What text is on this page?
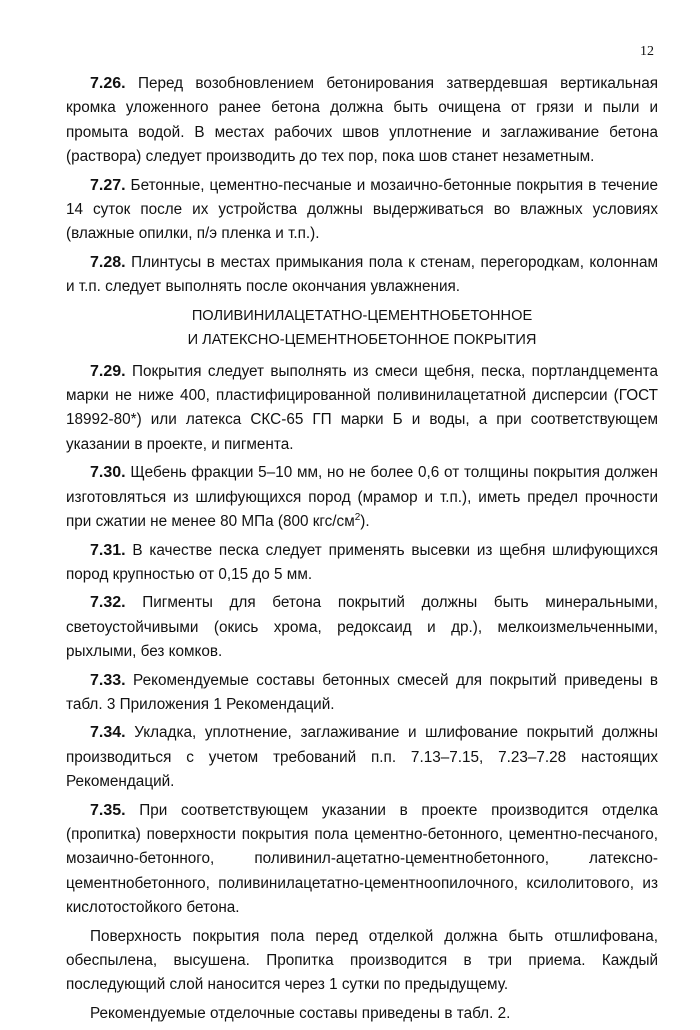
12

7.26. Перед возобновлением бетонирования затвердевшая вертикальная кромка уложенного ранее бетона должна быть очищена от грязи и пыли и промыта водой. В местах рабочих швов уплотнение и заглаживание бетона (раствора) следует производить до тех пор, пока шов станет незаметным.

7.27. Бетонные, цементно-песчаные и мозаично-бетонные покрытия в течение 14 суток после их устройства должны выдерживаться во влажных условиях (влажные опилки, п/э пленка и т.п.).

7.28. Плинтусы в местах примыкания пола к стенам, перегородкам, колоннам и т.п. следует выполнять после окончания увлажнения.

ПОЛИВИНИЛАЦЕТАТНО-ЦЕМЕНТНОБЕТОННОЕ
И ЛАТЕКСНО-ЦЕМЕНТНОБЕТОННОЕ ПОКРЫТИЯ

7.29. Покрытия следует выполнять из смеси щебня, песка, портландцемента марки не ниже 400, пластифицированной поливинилацетатной дисперсии (ГОСТ 18992-80*) или латекса СКС-65 ГП марки Б и воды, а при соответствующем указании в проекте, и пигмента.

7.30. Щебень фракции 5–10 мм, но не более 0,6 от толщины покрытия должен изготовляться из шлифующихся пород (мрамор и т.п.), иметь предел прочности при сжатии не менее 80 МПа (800 кгс/$см^2$).

7.31. В качестве песка следует применять высевки из щебня шлифующихся пород крупностью от 0,15 до 5 мм.

7.32. Пигменты для бетона покрытий должны быть минеральными, светоустойчивыми (окись хрома, редоксаид и др.), мелкоизмельченными, рыхлыми, без комков.

7.33. Рекомендуемые составы бетонных смесей для покрытий приведены в табл. 3 Приложения 1 Рекомендаций.

7.34. Укладка, уплотнение, заглаживание и шлифование покрытий должны производиться с учетом требований п.п. 7.13–7.15, 7.23–7.28 настоящих Рекомендаций.

7.35. При соответствующем указании в проекте производится отделка (пропитка) поверхности покрытия пола цементно-бетонного, цементно-песчаного, мозаично-бетонного, поливинил-ацетатно-цементнобетонного, латексно-цементнобетонного, поливинилацетатно-цементноопилочного, ксилолитового, из кислотостойкого бетона.

Поверхность покрытия пола перед отделкой должна быть отшлифована, обеспылена, высушена. Пропитка производится в три приема. Каждый последующий слой наносится через 1 сутки по предыдущему.

Рекомендуемые отделочные составы приведены в табл. 2.
